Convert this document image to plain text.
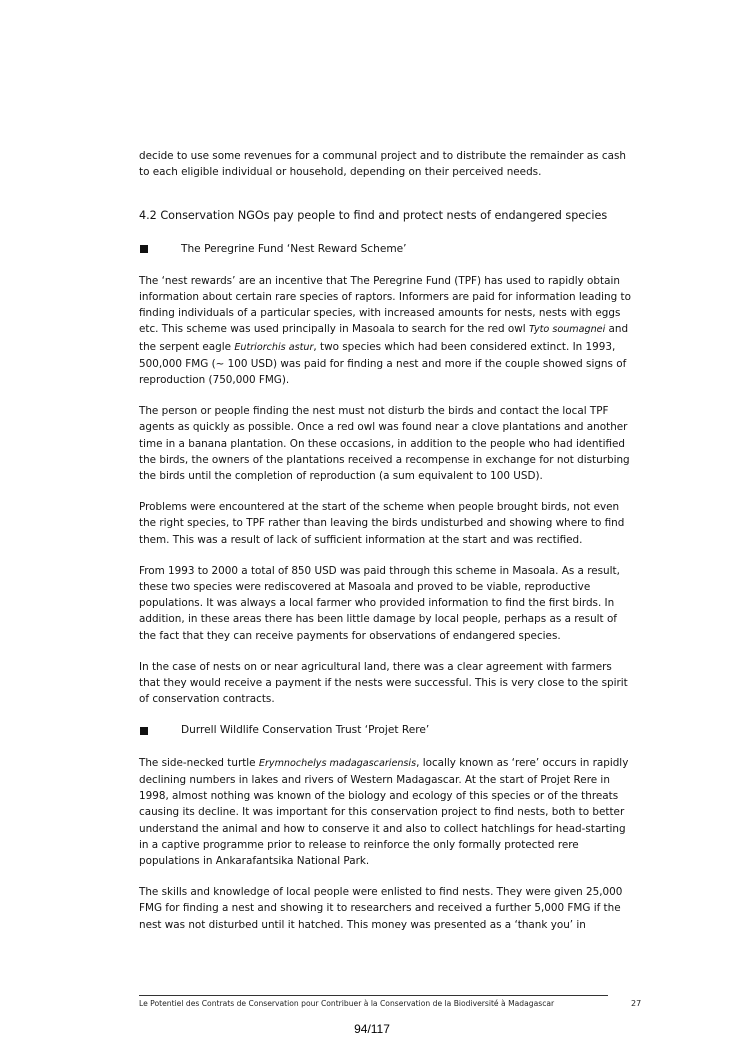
decide to use some revenues for a communal project and to distribute the remainder as cash to each eligible individual or household, depending on their perceived needs.

4.2 Conservation NGOs pay people to find and protect nests of endangered species

The Peregrine Fund ‘Nest Reward Scheme’

The ‘nest rewards’ are an incentive that The Peregrine Fund (TPF) has used to rapidly obtain information about certain rare species of raptors. Informers are paid for information leading to finding individuals of a particular species, with increased amounts for nests, nests with eggs etc. This scheme was used principally in Masoala to search for the red owl Tyto soumagnei and the serpent eagle Eutriorchis astur, two species which had been considered extinct. In 1993, 500,000 FMG (~ 100 USD) was paid for finding a nest and more if the couple showed signs of reproduction (750,000 FMG).

The person or people finding the nest must not disturb the birds and contact the local TPF agents as quickly as possible. Once a red owl was found near a clove plantations and another time in a banana plantation. On these occasions, in addition to the people who had identified the birds, the owners of the plantations received a recompense in exchange for not disturbing the birds until the completion of reproduction (a sum equivalent to 100 USD).

Problems were encountered at the start of the scheme when people brought birds, not even the right species, to TPF rather than leaving the birds undisturbed and showing where to find them. This was a result of lack of sufficient information at the start and was rectified.

From 1993 to 2000 a total of 850 USD was paid through this scheme in Masoala. As a result, these two species were rediscovered at Masoala and proved to be viable, reproductive populations. It was always a local farmer who provided information to find the first birds. In addition, in these areas there has been little damage by local people, perhaps as a result of the fact that they can receive payments for observations of endangered species.

In the case of nests on or near agricultural land, there was a clear agreement with farmers that they would receive a payment if the nests were successful. This is very close to the spirit of conservation contracts.

Durrell Wildlife Conservation Trust ‘Projet Rere’

The side-necked turtle Erymnochelys madagascariensis, locally known as ‘rere’ occurs in rapidly declining numbers in lakes and rivers of Western Madagascar. At the start of Projet Rere in 1998, almost nothing was known of the biology and ecology of this species or of the threats causing its decline. It was important for this conservation project to find nests, both to better understand the animal and how to conserve it and also to collect hatchlings for head-starting in a captive programme prior to release to reinforce the only formally protected rere populations in Ankarafantsika National Park.

The skills and knowledge of local people were enlisted to find nests. They were given 25,000 FMG for finding a nest and showing it to researchers and received a further 5,000 FMG if the nest was not disturbed until it hatched. This money was presented as a ‘thank you’ in

Le Potentiel des Contrats de Conservation pour Contribuer à la Conservation de la Biodiversité à Madagascar	27
94/117
